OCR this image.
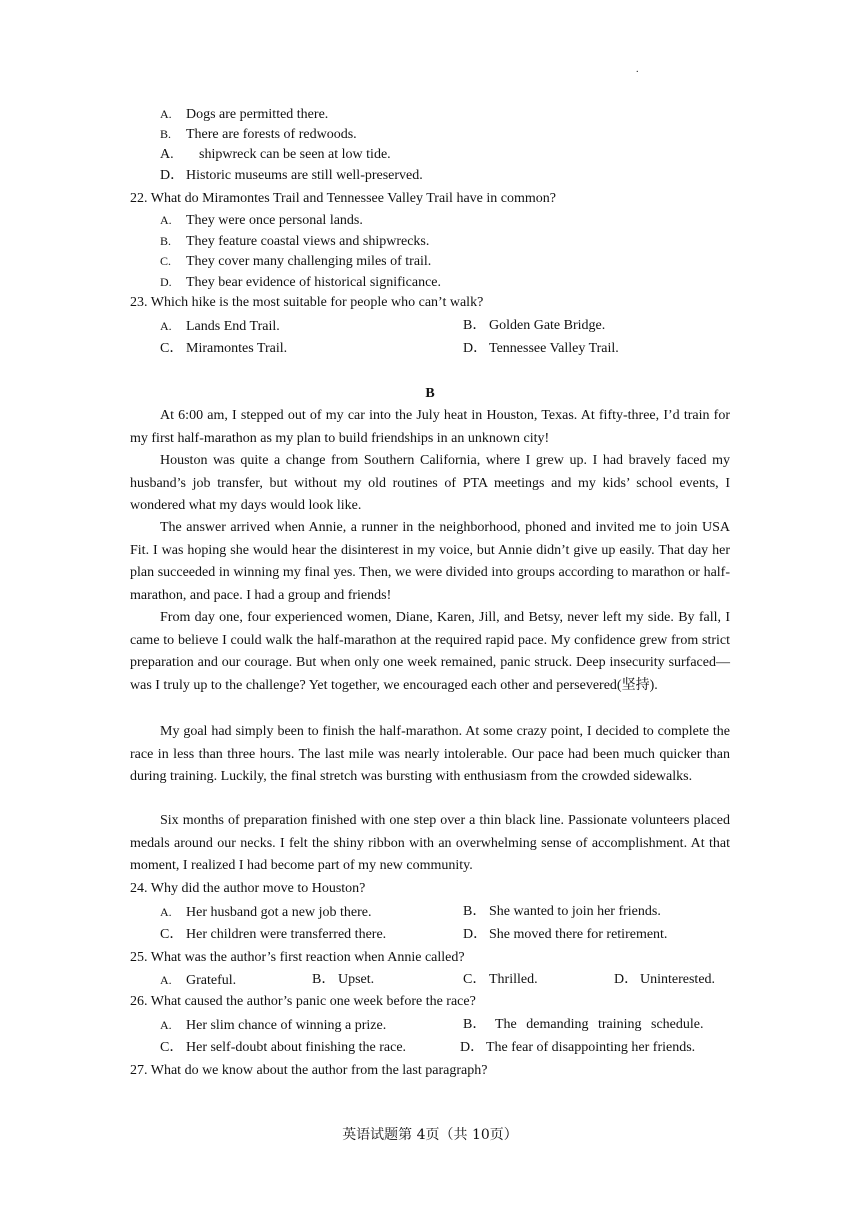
.
A. Dogs are permitted there.
B. There are forests of redwoods.
A. shipwreck can be seen at low tide.
D． Historic museums are still well-preserved.
22. What do Miramontes Trail and Tennessee Valley Trail have in common?
A. They were once personal lands.
B. They feature coastal views and shipwrecks.
C. They cover many challenging miles of trail.
D. They bear evidence of historical significance.
23. Which hike is the most suitable for people who can’t walk?
A. Lands End Trail.	B． Golden Gate Bridge.
C． Miramontes Trail.	D． Tennessee Valley Trail.
B
At 6:00 am, I stepped out of my car into the July heat in Houston, Texas. At fifty-three, I’d train for my first half-marathon as my plan to build friendships in an unknown city!
Houston was quite a change from Southern California, where I grew up. I had bravely faced my husband’s job transfer, but without my old routines of PTA meetings and my kids’ school events, I wondered what my days would look like.
The answer arrived when Annie, a runner in the neighborhood, phoned and invited me to join USA Fit. I was hoping she would hear the disinterest in my voice, but Annie didn’t give up easily. That day her plan succeeded in winning my final yes. Then, we were divided into groups according to marathon or half- marathon, and pace. I had a group and friends!
From day one, four experienced women, Diane, Karen, Jill, and Betsy, never left my side. By fall, I came to believe I could walk the half-marathon at the required rapid pace. My confidence grew from strict preparation and our courage. But when only one week remained, panic struck. Deep insecurity surfaced—was I truly up to the challenge? Yet together, we encouraged each other and persevered(坚持).
My goal had simply been to finish the half-marathon. At some crazy point, I decided to complete the race in less than three hours. The last mile was nearly intolerable. Our pace had been much quicker than during training. Luckily, the final stretch was bursting with enthusiasm from the crowded sidewalks.
Six months of preparation finished with one step over a thin black line. Passionate volunteers placed medals around our necks. I felt the shiny ribbon with an overwhelming sense of accomplishment. At that moment, I realized I had become part of my new community.
24. Why did the author move to Houston?
A. Her husband got a new job there.	B． She wanted to join her friends.
C． Her children were transferred there.	D． She moved there for retirement.
25. What was the author’s first reaction when Annie called?
A. Grateful.	B． Upset.	C． Thrilled.	D． Uninterested.
26. What caused the author’s panic one week before the race?
A. Her slim chance of winning a prize.	B． The demanding training schedule.
C． Her self-doubt about finishing the race.	D． The fear of disappointing her friends.
27. What do we know about the author from the last paragraph?
英语试题第 4页（共 10页）
